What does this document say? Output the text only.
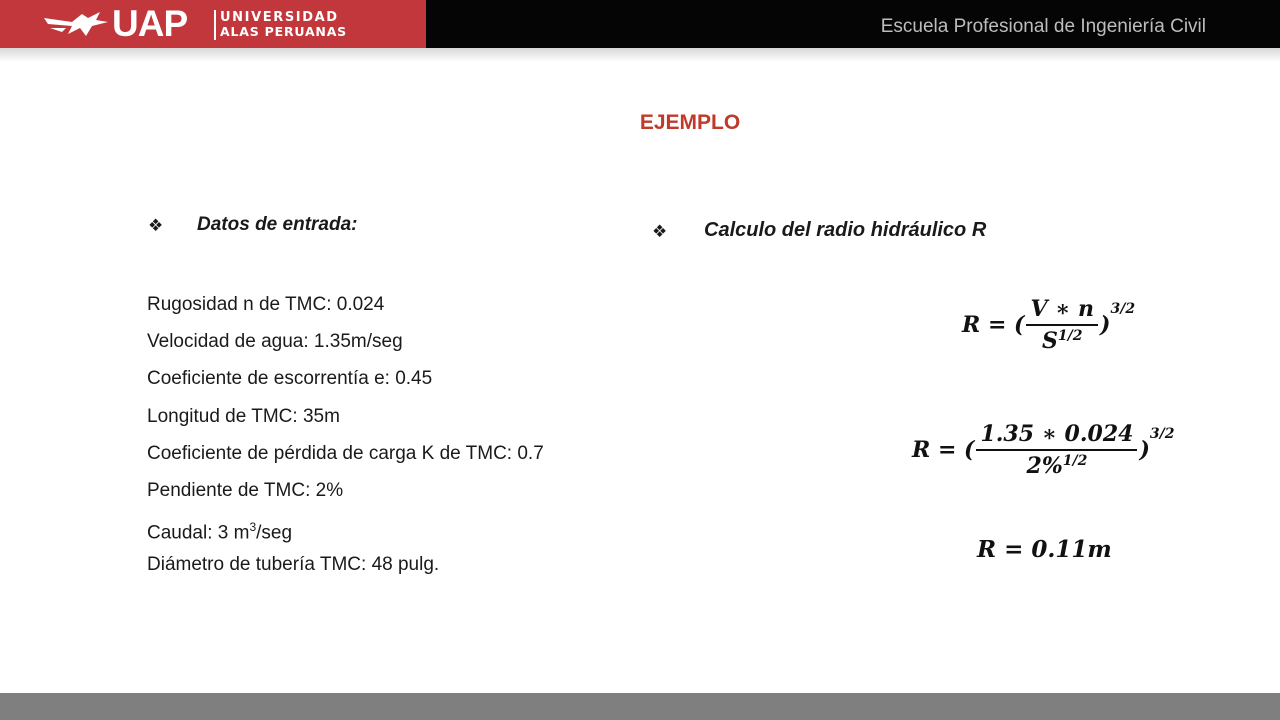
UAP	UNIVERSIDAD
ALAS PERUANAS	Escuela Profesional de Ingeniería Civil
EJEMPLO
❖ Datos de entrada:	❖ Calculo del radio hidráulico R
Rugosidad n de TMC: 0.024
Velocidad de agua: 1.35m/seg
Coeficiente de escorrentía e: 0.45
Longitud de TMC: 35m
Coeficiente de pérdida de carga K de TMC: 0.7
Pendiente de TMC: 2%
Caudal: 3 $m^3$/seg
Diámetro de tubería TMC: 48 pulg.
R = ( $\frac{V ∗ n}{S^{1/2}}$ )
3/2
R = ( $\frac{1.35 ∗ 0.024}{2\%^{1/2}}$ )
3/2
R = 0.11m
